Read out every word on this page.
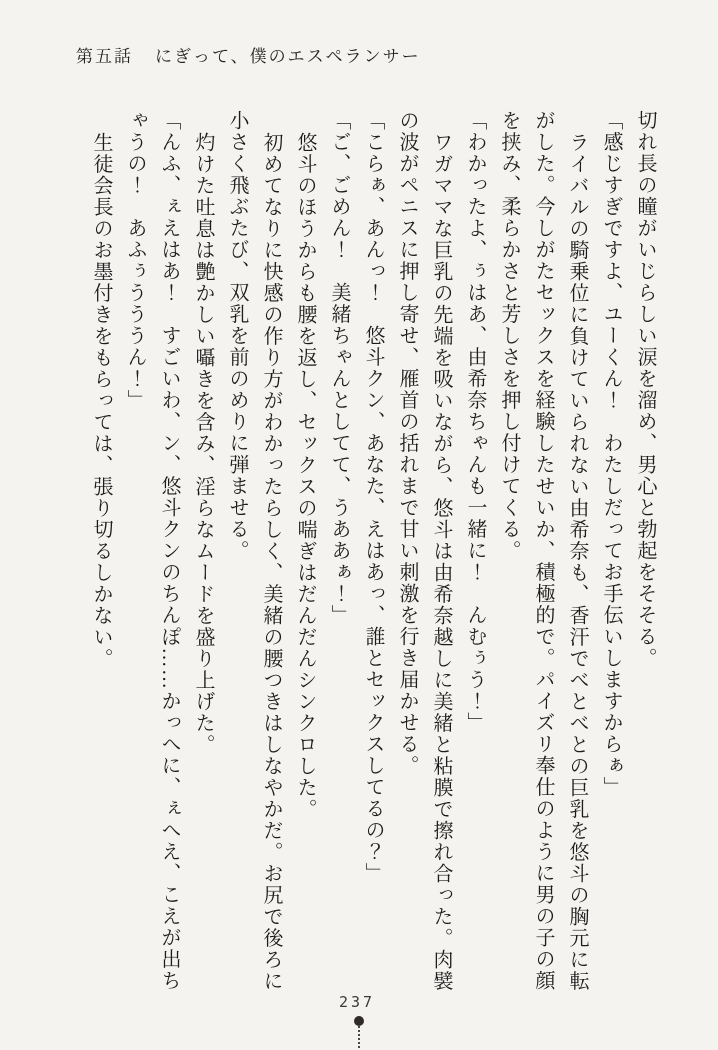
第五話 にぎって、僕のエスペランサー

切れ長の瞳がいじらしい涙を溜め、男心と勃起をそそる。

「感じすぎですよ、ユーくん！　わたしだってお手伝いしますからぁ」

ライバルの騎乗位に負けていられない由希奈も、香汗でべとべとの巨乳を悠斗の胸元に転がした。今しがたセックスを経験したせいか、積極的で。パイズリ奉仕のように男の子の顔を挟み、柔らかさと芳しさを押し付けてくる。

「わかったよ、ぅはあ、由希奈ちゃんも一緒に！　んむぅう！」

ワガママな巨乳の先端を吸いながら、悠斗は由希奈越しに美緒と粘膜で擦れ合った。肉襞の波がペニスに押し寄せ、雁首の括れまで甘い刺激を行き届かせる。

「こらぁ、あんっ！　悠斗クン、あなた、えはあっ、誰とセックスしてるの？」

「ご、ごめん！　美緒ちゃんとしてて、うああぁ！」

悠斗のほうからも腰を返し、セックスの喘ぎはだんだんシンクロした。

初めてなりに快感の作り方がわかったらしく、美緒の腰つきはしなやかだ。お尻で後ろに小さく飛ぶたび、双乳を前のめりに弾ませる。

灼けた吐息は艶かしい囁きを含み、淫らなムードを盛り上げた。

「んふ、ぇえはあ！　すごいわ、ン、悠斗クンのちんぽ……かっへに、ぇへえ、こえが出ちゃうの！　あふぅうううん！」

生徒会長のお墨付きをもらっては、張り切るしかない。

237
